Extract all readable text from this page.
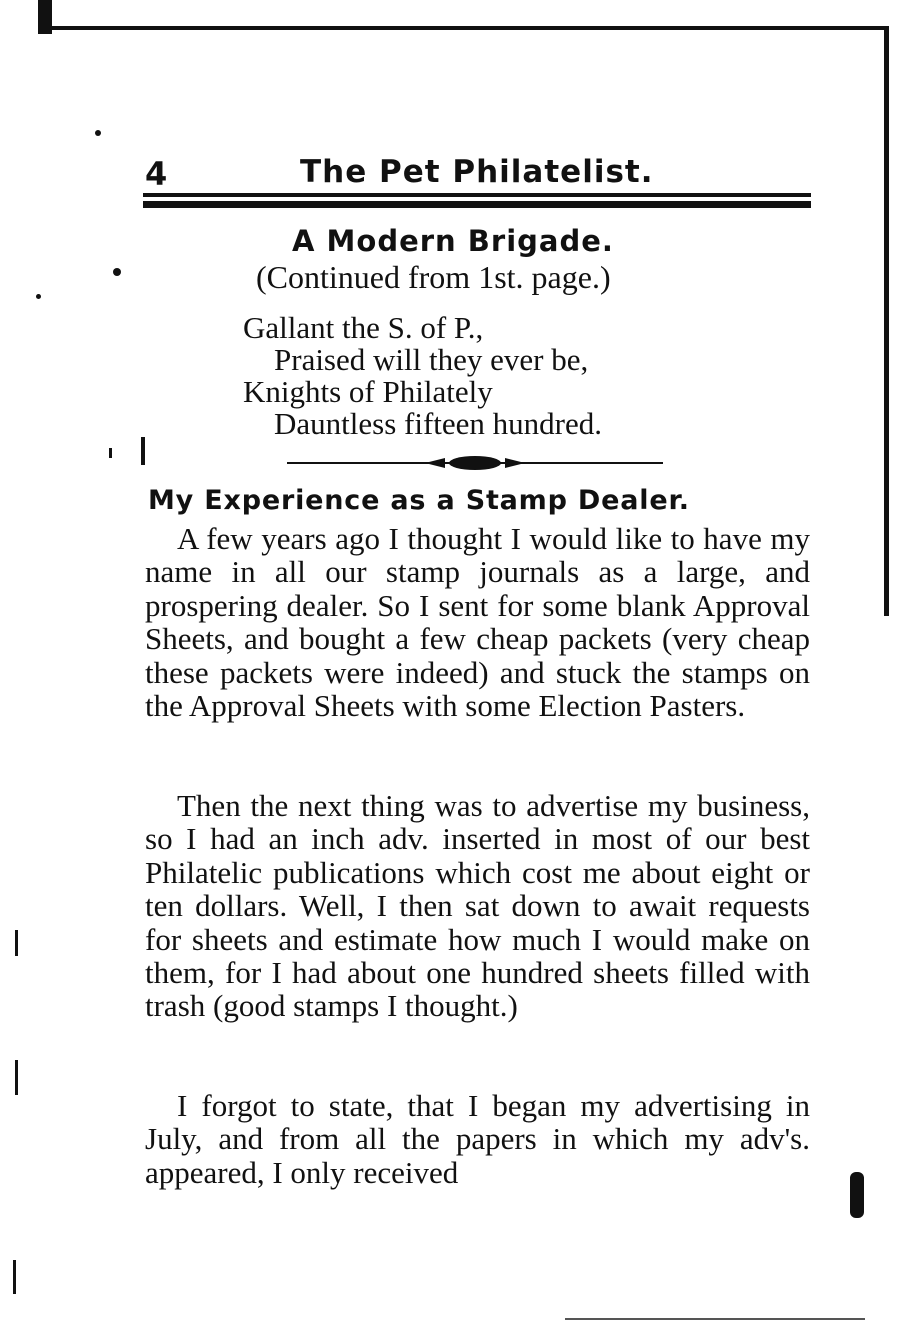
4	The Pet Philatelist.
A Modern Brigade.
(Continued from 1st. page.)
Gallant the S. of P.,
Praised will they ever be,
Knights of Philately
Dauntless fifteen hundred.
My Experience as a Stamp Dealer.
A few years ago I thought I would like to have my name in all our stamp journals as a large, and prospering dealer. So I sent for some blank Approval Sheets, and bought a few cheap packets (very cheap these packets were indeed) and stuck the stamps on the Approval Sheets with some Election Pasters.
Then the next thing was to advertise my business, so I had an inch adv. inserted in most of our best Philatelic publications which cost me about eight or ten dollars. Well, I then sat down to await requests for sheets and estimate how much I would make on them, for I had about one hundred sheets filled with trash (good stamps I thought.)
I forgot to state, that I began my advertising in July, and from all the papers in which my adv's. appeared, I only received
